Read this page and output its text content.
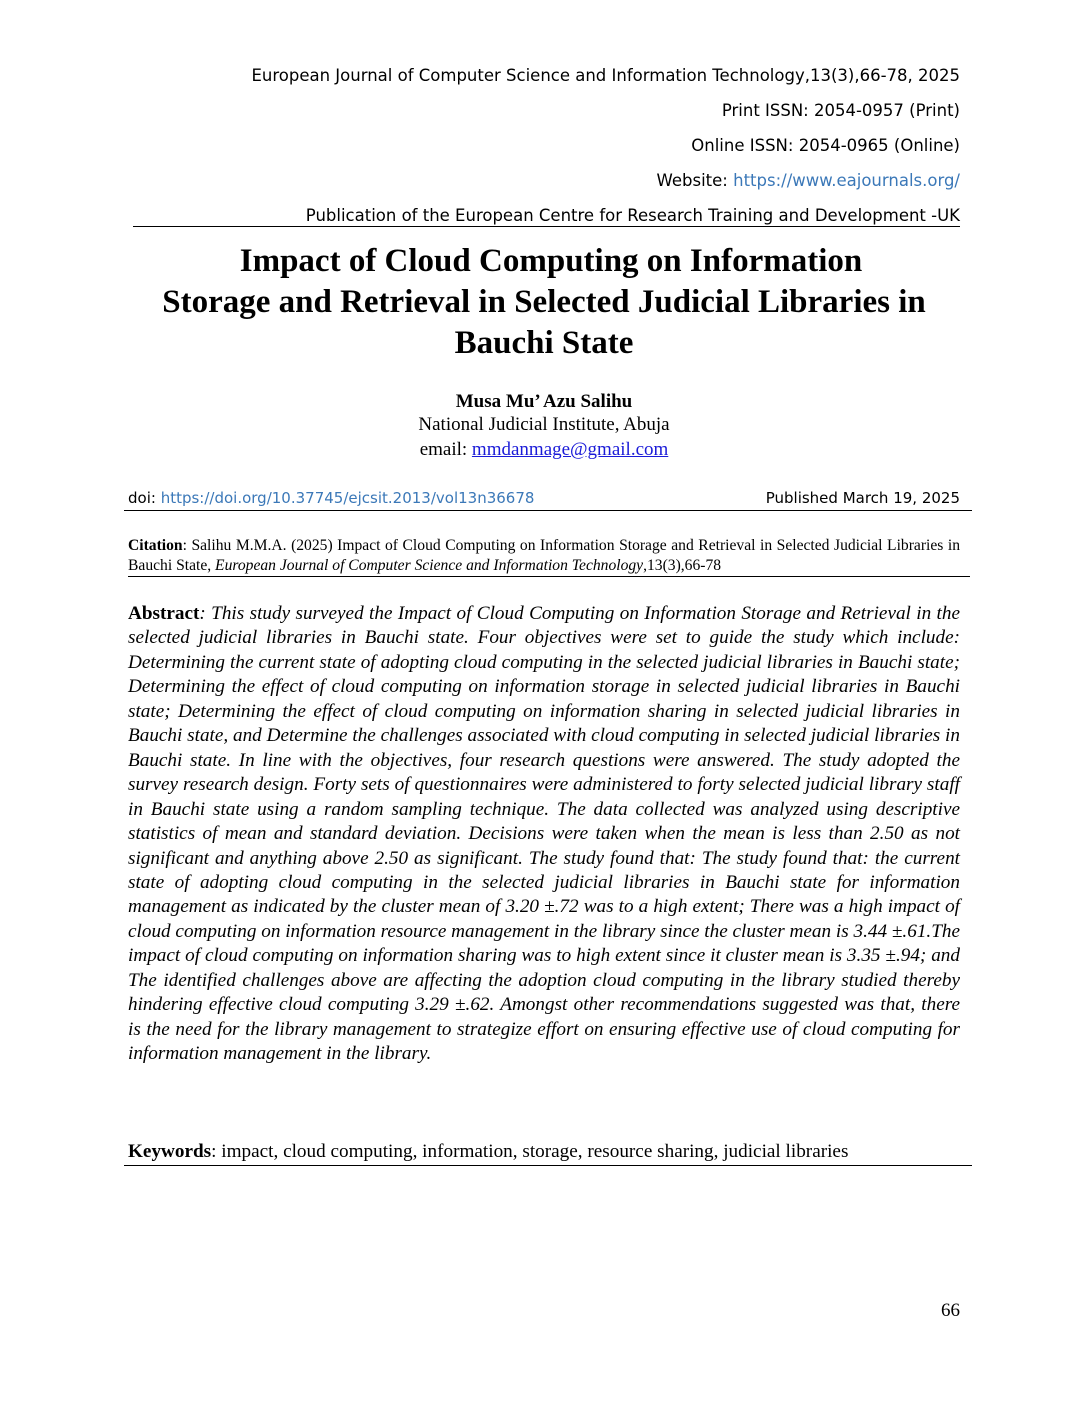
European Journal of Computer Science and Information Technology,13(3),66-78, 2025
Print ISSN: 2054-0957 (Print)
Online ISSN: 2054-0965 (Online)
Website: https://www.eajournals.org/
Publication of the European Centre for Research Training and Development -UK
Impact of Cloud Computing on Information
Storage and Retrieval in Selected Judicial Libraries in
Bauchi State
Musa Mu’ Azu Salihu
National Judicial Institute, Abuja
email: mmdanmage@gmail.com
doi: https://doi.org/10.37745/ejcsit.2013/vol13n36678	Published March 19, 2025
Citation: Salihu M.M.A. (2025) Impact of Cloud Computing on Information Storage and Retrieval in Selected Judicial Libraries in Bauchi State, European Journal of Computer Science and Information Technology,13(3),66-78
Abstract: This study surveyed the Impact of Cloud Computing on Information Storage and Retrieval in the selected judicial libraries in Bauchi state. Four objectives were set to guide the study which include: Determining the current state of adopting cloud computing in the selected judicial libraries in Bauchi state; Determining the effect of cloud computing on information storage in selected judicial libraries in Bauchi state; Determining the effect of cloud computing on information sharing in selected judicial libraries in Bauchi state, and Determine the challenges associated with cloud computing in selected judicial libraries in Bauchi state. In line with the objectives, four research questions were answered. The study adopted the survey research design. Forty sets of questionnaires were administered to forty selected judicial library staff in Bauchi state using a random sampling technique. The data collected was analyzed using descriptive statistics of mean and standard deviation. Decisions were taken when the mean is less than 2.50 as not significant and anything above 2.50 as significant. The study found that: The study found that: the current state of adopting cloud computing in the selected judicial libraries in Bauchi state for information management as indicated by the cluster mean of 3.20 ±.72 was to a high extent; There was a high impact of cloud computing on information resource management in the library since the cluster mean is 3.44 ±.61.The impact of cloud computing on information sharing was to high extent since it cluster mean is 3.35 ±.94; and The identified challenges above are affecting the adoption cloud computing in the library studied thereby hindering effective cloud computing 3.29 ±.62. Amongst other recommendations suggested was that, there is the need for the library management to strategize effort on ensuring effective use of cloud computing for information management in the library.
Keywords: impact, cloud computing, information, storage, resource sharing, judicial libraries
66
